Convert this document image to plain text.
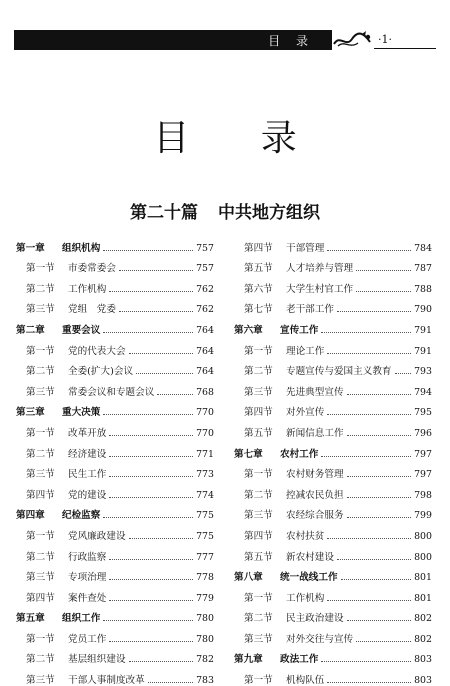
目 录	·1·
目 录
第二十篇 中共地方组织
第一章	组织机构	757
第一节	市委常委会	757
第二节	工作机构	762
第三节	党组　党委	762
第二章	重要会议	764
第一节	党的代表大会	764
第二节	全委(扩大)会议	764
第三节	常委会议和专题会议	768
第三章	重大决策	770
第一节	改革开放	770
第二节	经济建设	771
第三节	民生工作	773
第四节	党的建设	774
第四章	纪检监察	775
第一节	党风廉政建设	775
第二节	行政监察	777
第三节	专项治理	778
第四节	案件查处	779
第五章	组织工作	780
第一节	党员工作	780
第二节	基层组织建设	782
第三节	干部人事制度改革	783
第四节	干部管理	784
第五节	人才培养与管理	787
第六节	大学生村官工作	788
第七节	老干部工作	790
第六章	宣传工作	791
第一节	理论工作	791
第二节	专题宣传与爱国主义教育 793
第三节	先进典型宣传	794
第四节	对外宣传	795
第五节	新闻信息工作	796
第七章	农村工作	797
第一节	农村财务管理	797
第二节	控减农民负担	798
第三节	农经综合服务	799
第四节	农村扶贫	800
第五节	新农村建设	800
第八章	统一战线工作	801
第一节	工作机构	801
第二节	民主政治建设	802
第三节	对外交往与宣传	802
第九章	政法工作	803
第一节	机构队伍	803
